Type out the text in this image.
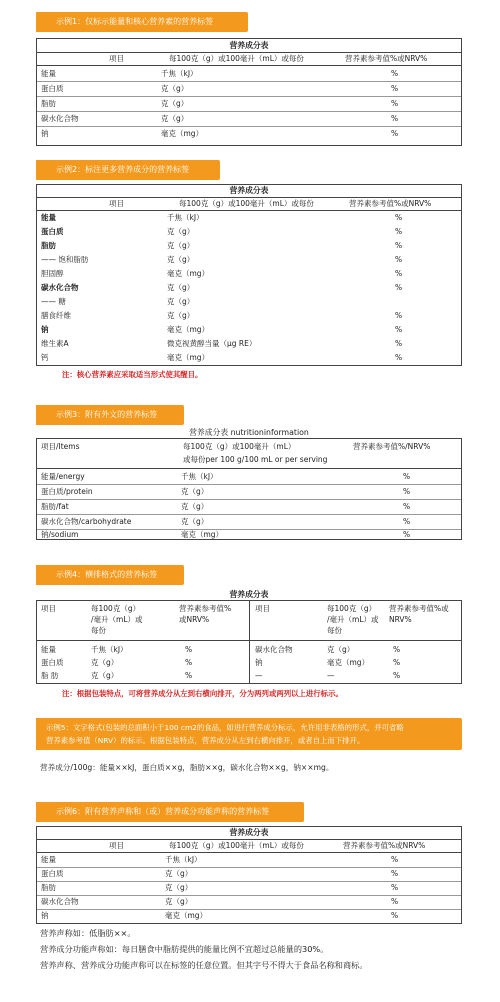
示例1：仅标示能量和核心营养素的营养标签
营养成分表
项目	每100克（g）或100毫升（mL）或每份	营养素参考值%或NRV%
能量	千焦（kJ）	%
蛋白质	克（g）	%
脂肪	克（g）	%
碳水化合物	克（g）	%
钠	毫克（mg）	%
示例2：标注更多营养成分的营养标签
营养成分表
项目	每100克（g）或100毫升（mL）或每份	营养素参考值%或NRV%
能量	千焦（kJ）	%
蛋白质	克（g）	%
脂肪	克（g）	%
—— 饱和脂肪	克（g）	%
胆固醇	毫克（mg）	%
碳水化合物	克（g）	%
—— 糖	克（g）
膳食纤维	克（g）	%
钠	毫克（mg）	%
维生素A	微克视黄醇当量（μg RE）	%
钙	毫克（mg）	%
注：核心营养素应采取适当形式使其醒目。
示例3：附有外文的营养标签
营养成分表 nutritioninformation
项目/Items	每100克（g）或100毫升（mL）	营养素参考值%/NRV%
或每份per 100 g/100 mL or per serving
能量/energy	千焦（kJ）	%
蛋白质/protein	克（g）	%
脂肪/fat	克（g）	%
碳水化合物/carbohydrate	克（g）	%
钠/sodium	毫克（mg）	%
示例4：横排格式的营养标签
营养成分表
项目	每100克（g）
/毫升（mL）或
每份
营养素参考值%
或NRV%
项目	每100克（g）
/毫升（mL）或
每份
营养素参考值%或
NRV%
能量	千焦（kJ）	%
蛋白质	克（g）	%
脂 肪	克（g）	%
碳水化合物	克（g）	%
钠	毫克（mg）	%
—	—	%
注：根据包装特点，可将营养成分从左到右横向排开，分为两列或两列以上进行标示。
示例5：文字格式(包装的总面积小于100 cm2的食品，如进行营养成分标示，允许用非表格的形式，并可省略
营养素参考值（NRV）的标示。根据包装特点，营养成分从左到右横向排开，或者自上而下排开。
营养成分/100g：能量××kJ，蛋白质××g，脂肪××g，碳水化合物××g，钠××mg。
示例6：附有营养声称和（或）营养成分功能声称的营养标签
营养成分表
项目	每100克（g）或100毫升（mL）或每份	营养素参考值%或NRV%
能量	千焦（kJ）	%
蛋白质	克（g）	%
脂肪	克（g）	%
碳水化合物	克（g）	%
钠	毫克（mg）	%
营养声称如：低脂肪××。
营养成分功能声称如：每日膳食中脂肪提供的能量比例不宜超过总能量的30%。
营养声称、营养成分功能声称可以在标签的任意位置。但其字号不得大于食品名称和商标。
